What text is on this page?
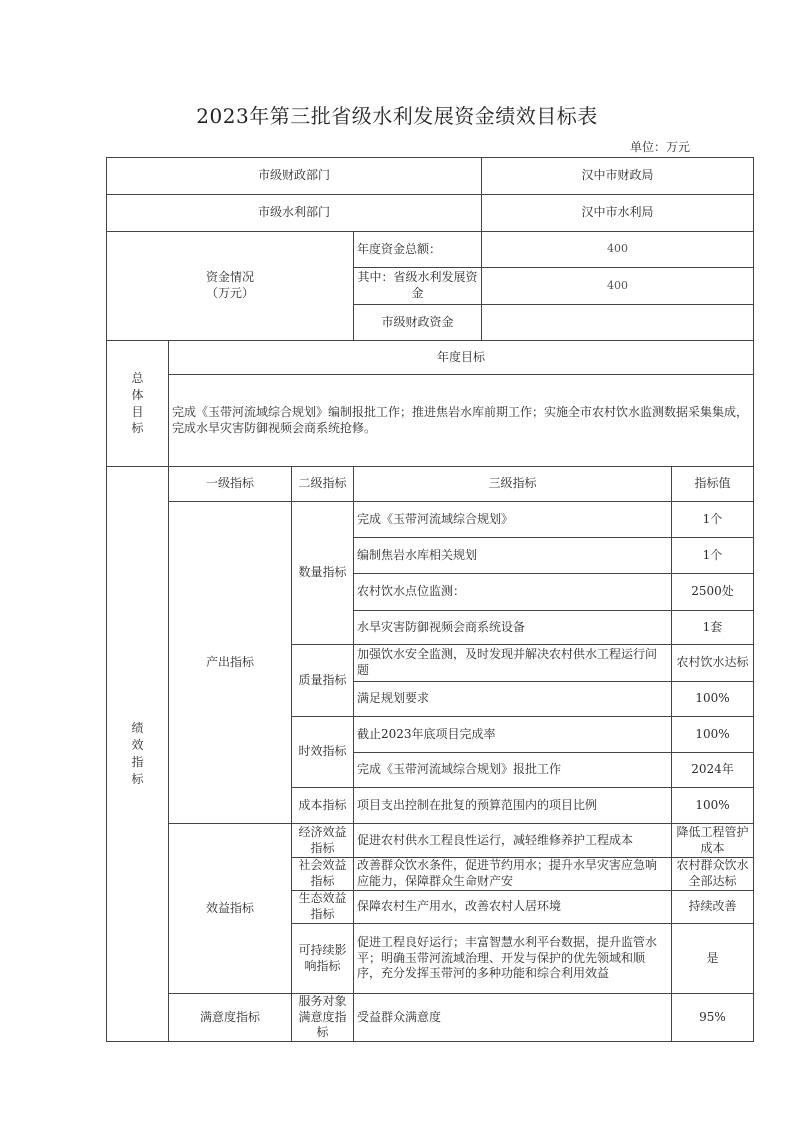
2023年第三批省级水利发展资金绩效目标表
单位：万元
市级财政部门				汉中市财政局	
市级水利部门				汉中市水利局	

资金情况
（万元）			年度资金总额：	400	
			其中：省级水利发展资金	400	
			市级财政资金		

总
体
目
标	年度目标				
	完成《玉带河流域综合规划》编制报批工作；推进焦岩水库前期工作；实施全市农村饮水监测数据采集集成，完成水旱灾害防御视频会商系统抢修。				

绩
效
指
标	一级指标	二级指标	三级指标		指标值
	产出指标	数量指标	完成《玉带河流域综合规划》		1个
			编制焦岩水库相关规划		1个
			农村饮水点位监测：		2500处
			水旱灾害防御视频会商系统设备		1套
		质量指标	加强饮水安全监测，及时发现并解决农村供水工程运行问题		农村饮水达标
			满足规划要求		100%
		时效指标	截止2023年底项目完成率		100%
			完成《玉带河流域综合规划》报批工作		2024年
		成本指标	项目支出控制在批复的预算范围内的项目比例		100%
	效益指标	经济效益指标	促进农村供水工程良性运行，减轻维修养护工程成本		降低工程管护成本
		社会效益指标	改善群众饮水条件，促进节约用水；提升水旱灾害应急响应能力，保障群众生命财产安		农村群众饮水全部达标
		生态效益指标	保障农村生产用水，改善农村人居环境		持续改善
		可持续影响指标	促进工程良好运行；丰富智慧水利平台数据，提升监管水平；明确玉带河流域治理、开发与保护的优先领域和顺序，充分发挥玉带河的多种功能和综合利用效益		是
	满意度指标	服务对象满意度指标	受益群众满意度		95%
